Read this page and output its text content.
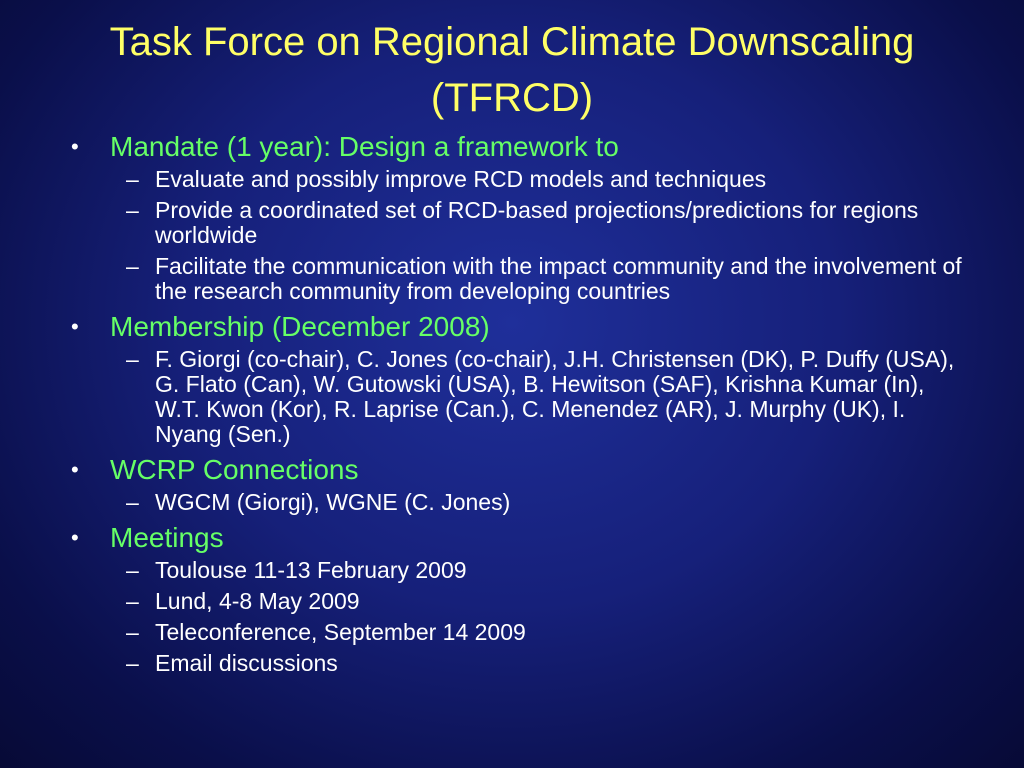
Task Force on Regional Climate Downscaling (TFRCD)
• Mandate (1 year): Design a framework to
– Evaluate and possibly improve RCD models and techniques
– Provide a coordinated set of RCD-based projections/predictions for regions worldwide
– Facilitate the communication with the impact community and the involvement of the research community from developing countries
• Membership (December 2008)
– F. Giorgi (co-chair), C. Jones (co-chair), J.H. Christensen (DK), P. Duffy (USA), G. Flato (Can), W. Gutowski (USA), B. Hewitson (SAF), Krishna Kumar (In), W.T. Kwon (Kor), R. Laprise (Can.), C. Menendez (AR), J. Murphy (UK), I. Nyang (Sen.)
• WCRP Connections
– WGCM (Giorgi), WGNE (C. Jones)
• Meetings
– Toulouse 11-13 February 2009
– Lund, 4-8 May 2009
– Teleconference, September 14 2009
– Email discussions
